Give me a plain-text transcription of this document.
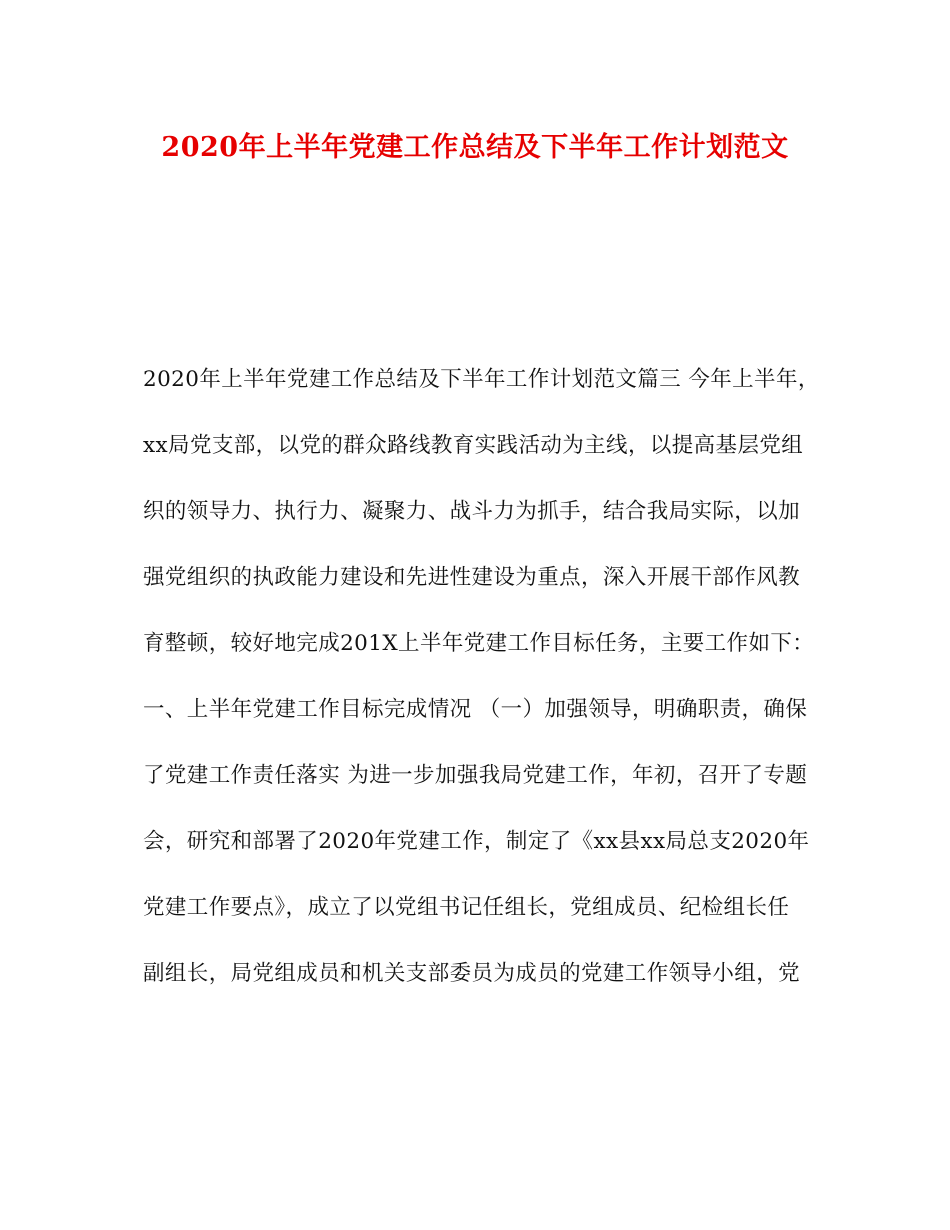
2020年上半年党建工作总结及下半年工作计划范文
2020年上半年党建工作总结及下半年工作计划范文篇三 今年上半年，
xx局党支部，以党的群众路线教育实践活动为主线，以提高基层党组
织的领导力、执行力、凝聚力、战斗力为抓手，结合我局实际，以加
强党组织的执政能力建设和先进性建设为重点，深入开展干部作风教
育整顿，较好地完成201X上半年党建工作目标任务，主要工作如下：
一、上半年党建工作目标完成情况 （一）加强领导，明确职责，确保
了党建工作责任落实 为进一步加强我局党建工作，年初，召开了专题
会，研究和部署了2020年党建工作，制定了《xx县xx局总支2020年
党建工作要点》，成立了以党组书记任组长，党组成员、纪检组长任
副组长，局党组成员和机关支部委员为成员的党建工作领导小组，党
